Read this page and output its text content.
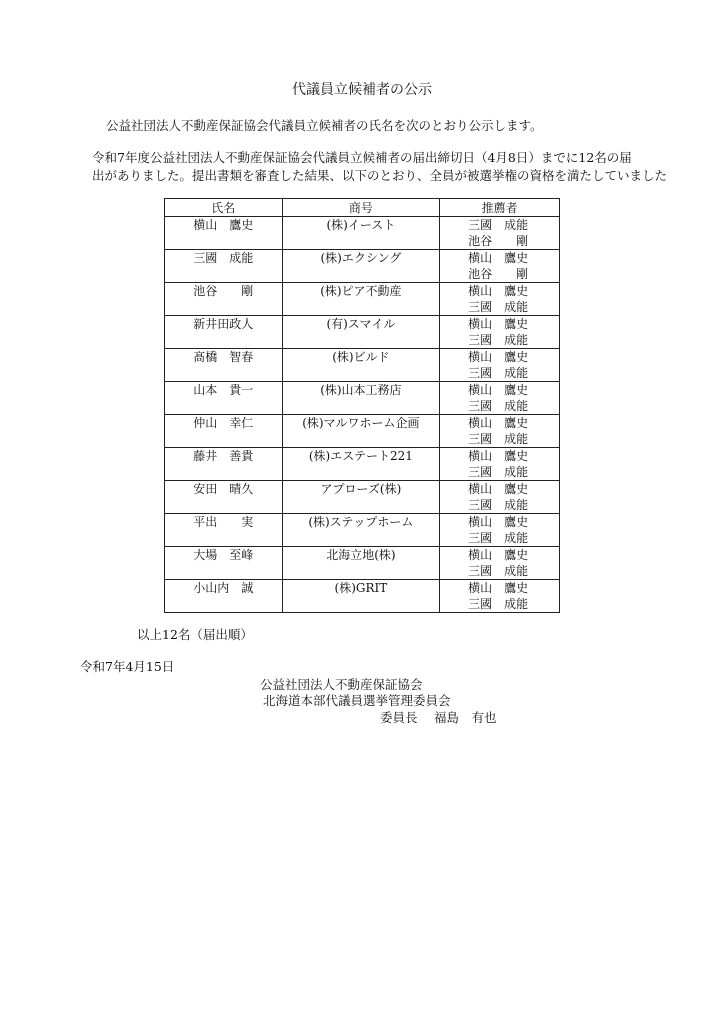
代議員立候補者の公示
公益社団法人不動産保証協会代議員立候補者の氏名を次のとおり公示します。
令和7年度公益社団法人不動産保証協会代議員立候補者の届出締切日（4月8日）までに12名の届
出がありました。提出書類を審査した結果、以下のとおり、全員が被選挙権の資格を満たしていました
氏名	商号	推薦者

横山　鷹史	(株)イースト	三國　成能
池谷　　剛

三國　成能	(株)エクシング	横山　鷹史
池谷　　剛

池谷　　剛	(株)ピア不動産	横山　鷹史
三國　成能

新井田政人	(有)スマイル	横山　鷹史
三國　成能

髙橋　智春	(株)ビルド	横山　鷹史
三國　成能

山本　貴一	(株)山本工務店	横山　鷹史
三國　成能

仲山　幸仁	(株)マルワホーム企画	横山　鷹史
三國　成能

藤井　善貴	(株)エステート221	横山　鷹史
三國　成能

安田　晴久	アプローズ(株)	横山　鷹史
三國　成能

平出　　実	(株)ステップホーム	横山　鷹史
三國　成能

大場　至峰	北海立地(株)	横山　鷹史
三國　成能

小山内　誠	(株)GRIT	横山　鷹史
三國　成能
以上12名（届出順）
令和7年4月15日
公益社団法人不動産保証協会
北海道本部代議員選挙管理委員会
委員長　 福島　有也
